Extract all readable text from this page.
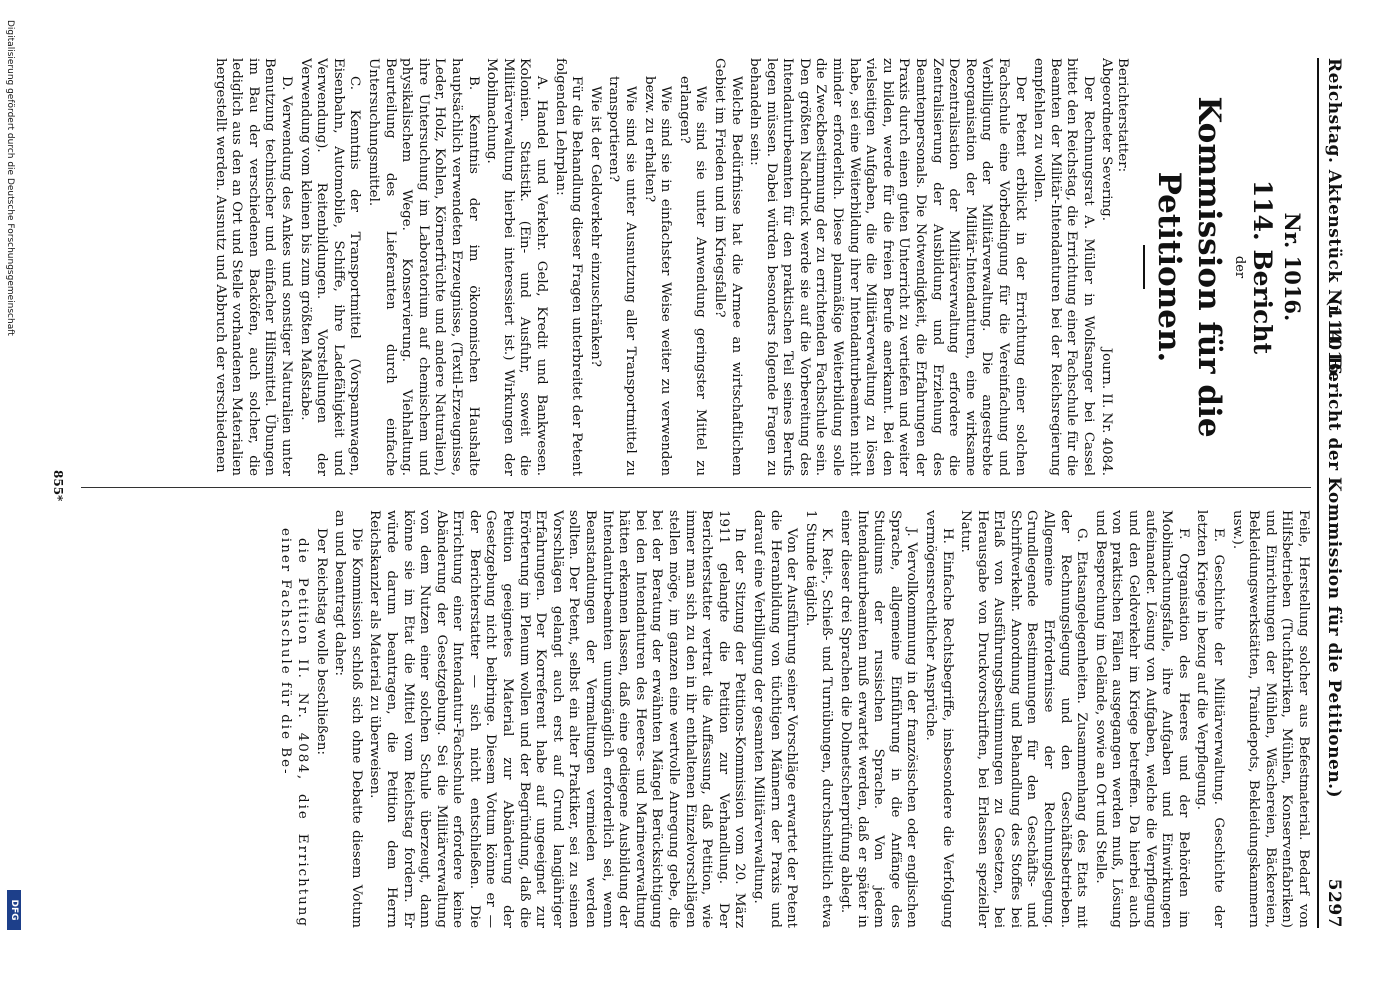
Reichstag. Aktenstück Nr. 1016.
(114. Bericht der Kommission für die Petitionen.)
5297
Nr. 1016.
114. Bericht
der
Kommission für die Petitionen.
Berichterstatter:
Abgeordneter Severing.
Journ. II. Nr. 4084.

Der Rechnungsrat A. Müller in Wolfsanger bei Cassel bittet den Reichstag, die Errichtung einer Fachschule für die Beamten der Militär-Intendanturen bei der Reichsregierung empfehlen zu wollen.

Der Petent erblickt in der Errichtung einer solchen Fachschule eine Vorbedingung für die Vereinfachung und Verbilligung der Militärverwaltung. Die angestrebte Reorganisation der Militär-Intendanturen, eine wirksame Dezentralisation der Militärverwaltung erfordere die Zentralisierung der Ausbildung und Erziehung des Beamtenpersonals. Die Notwendigkeit, die Erfahrungen der Praxis durch einen guten Unterricht zu vertiefen und weiter zu bilden, werde für die freien Berufe anerkannt. Bei den vielseitigen Aufgaben, die die Militärverwaltung zu lösen habe, sei eine Weiterbildung ihrer Intendanturbeamten nicht minder erforderlich. Diese planmäßige Weiterbildung solle die Zweckbestimmung der zu errichtenden Fachschule sein. Den größten Nachdruck werde sie auf die Vorbereitung des Intendanturbeamten für den praktischen Teil seines Berufs legen müssen. Dabei würden besonders folgende Fragen zu behandeln sein:

Welche Bedürfnisse hat die Armee an wirtschaftlichem Gebiet im Frieden und im Kriegsfalle?

Wie sind sie unter Anwendung geringster Mittel zu erlangen?

Wie sind sie in einfachster Weise weiter zu verwenden bezw. zu erhalten?

Wie sind sie unter Ausnutzung aller Transportmittel zu transportieren?

Wie ist der Geldverkehr einzuschränken?

Für die Behandlung dieser Fragen unterbreitet der Petent folgenden Lehrplan:

A. Handel und Verkehr. Geld, Kredit und Bankwesen. Kolonien. Statistik. (Ein- und Ausfuhr, soweit die Militärverwaltung hierbei interessiert ist.) Wirkungen der Mobilmachung.

B. Kenntnis der im ökonomischen Haushalte hauptsächlich verwendeten Erzeugnisse, (Textil-Erzeugnisse, Leder, Holz, Kohlen, Körnerfrüchte und andere Naturalien), ihre Untersuchung im Laboratorium auf chemischem und physikalischem Wege. Konservierung. Viehhaltung. Beurteilung des Lieferanten durch einfache Untersuchungsmittel.

C. Kenntnis der Transportmittel (Vorspannwagen, Eisenbahn, Automobile, Schiffe, ihre Ladefähigkeit und Verwendung). Reitenbildungen. Vorstellungen der Verwendung vom kleinen bis zum größten Maßstabe.

D. Verwendung des Ankes und sonstiger Naturalien unter Benutzung technischer und einfacher Hilfsmittel. Übungen im Bau der verschiedenen Backöfen, auch solcher, die lediglich aus den an Ort und Stelle vorhandenen Materialien hergestellt werden. Ausnutz und Abbruch der verschiedenen

Feile, Herstellung solcher aus Befestmaterial. Bedarf von Hilfsbetrieben (Tuchfabriken, Mühlen, Konservenfabriken) und Einrichtungen der Mühlen, Wäschereien, Bäckereien, Bekleidungswerkstätten, Traindepots, Bekleidungskammern usw.).

E. Geschichte der Militärverwaltung. Geschichte der letzten Kriege in bezug auf die Verpflegung.

F. Organisation des Heeres und der Behörden im Mobilmachungsfalle, ihre Aufgaben und Einwirkungen aufeinander. Lösung von Aufgaben, welche die Verpflegung und den Geldverkehr im Kriege betreffen. Da hierbei auch von praktischen Fällen ausgegangen werden muß, Lösung und Besprechung im Gelände, sowie an Ort und Stelle.

G. Etatsangelegenheiten. Zusammenhang des Etats mit der Rechnungslegung und den Geschäftsbetrieben. Allgemeine Erfordernisse der Rechnungslegung. Grundlegende Bestimmungen für den Geschäfts- und Schriftverkehr. Anordnung und Behandlung des Stoffes bei Erlaß von Ausführungsbestimmungen zu Gesetzen, bei Herausgabe von Druckvorschriften, bei Erlassen spezieller Natur.

H. Einfache Rechtsbegriffe, insbesondere die Verfolgung vermögensrechtlicher Ansprüche.

J. Vervollkommnung in der französischen oder englischen Sprache, allgemeine Einführung in die Anfänge des Studiums der russischen Sprache. Von jedem Intendanturbeamten muß erwartet werden, daß er später in einer dieser drei Sprachen die Dolmetscherprüfung ablegt.

K. Reit-, Schieß- und Turnübungen, durchschnittlich etwa 1 Stunde täglich.

Von der Ausführung seiner Vorschläge erwartet der Petent die Heranbildung von tüchtigen Männern der Praxis und darauf eine Verbilligung der gesamten Militärverwaltung.

In der Sitzung der Petitions-Kommission vom 20. März 1911 gelangte die Petition zur Verhandlung. Der Berichterstatter vertrat die Auffassung, daß Petition, wie immer man sich zu den in ihr enthaltenen Einzelvorschlägen stellen möge, im ganzen eine wertvolle Anregung gebe, die bei der Beratung der erwähnten Mängel Berücksichtigung bei den Intendanturen des Heeres- und Marineverwaltung hätten erkennen lassen, daß eine gediegene Ausbildung der Intendanturbeamten unumgänglich erforderlich sei, wenn Beanstandungen der Vermaltungen vermieden werden sollten. Der Petent, selbst ein alter Praktiker, sei zu seinen Vorschlägen gelangt auch erst auf Grund langjähriger Erfahrungen. Der Korreferent habe auf ungeeignet zur Erörterung im Plenum wollen und der Begründung, daß die Petition geeignetes Material zur Abänderung der Gesetzgebung nicht beibringe. Diesem Votum könne er — der Berichterstatter — sich nicht entschließen. Die Errichtung einer Intendantur-Fachschule erfordere keine Abänderung der Gesetzgebung. Sei die Militärverwaltung von dem Nutzen einer solchen Schule überzeugt, dann könne sie im Etat die Mittel vom Reichstag fordern. Er würde darum beantragen, die Petition dem Herrn Reichskanzler als Material zu überweisen.

Die Kommission schloß sich ohne Debatte diesem Votum an und beantragt daher:

Der Reichstag wolle beschließen:

die Petition II. Nr. 4084, die Errichtung einer Fachschule für die Be-

855*
Digitalisierung gefördert durch die Deutsche Forschungsgemeinschaft
DFG
